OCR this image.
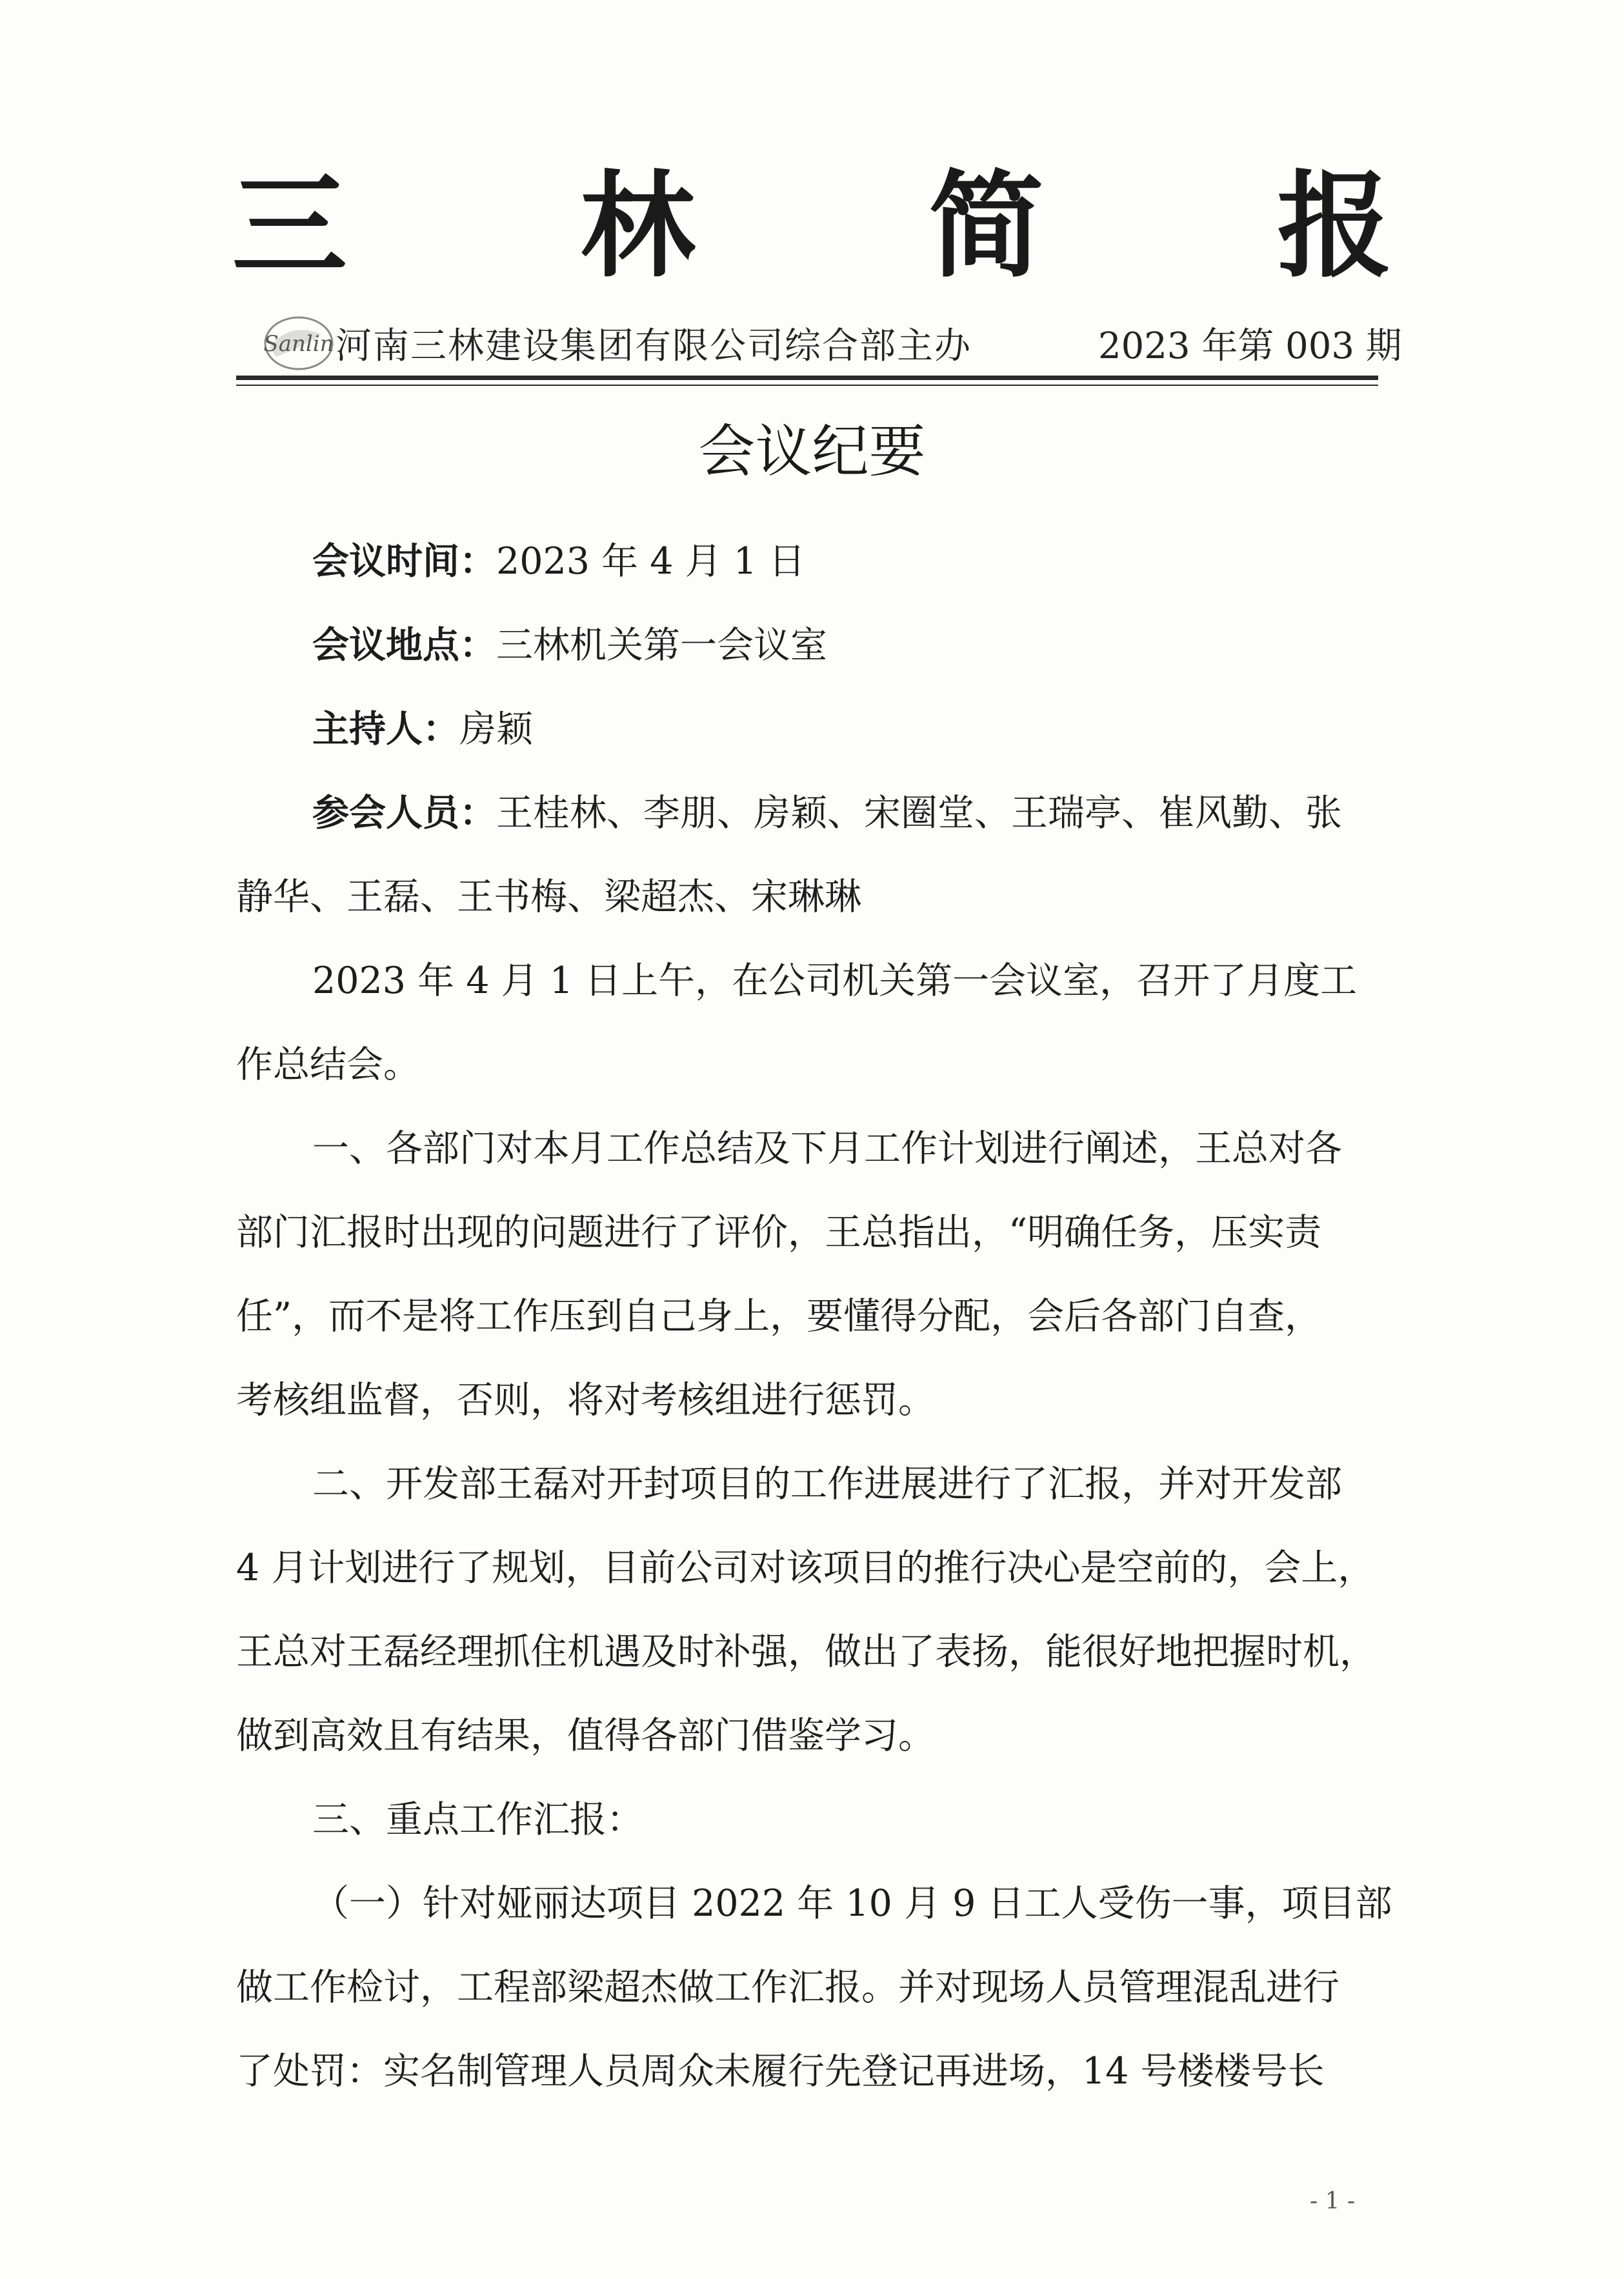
三 林 简 报
Sanlin 河南三林建设集团有限公司综合部主办	2023 年第 003 期
会议纪要
会议时间：2023 年 4 月 1 日
会议地点：三林机关第一会议室
主持人：房颖
参会人员：王桂林、李朋、房颖、宋圈堂、王瑞亭、崔风勤、张
静华、王磊、王书梅、梁超杰、宋琳琳
2023 年 4 月 1 日上午，在公司机关第一会议室，召开了月度工
作总结会。
一、各部门对本月工作总结及下月工作计划进行阐述，王总对各
部门汇报时出现的问题进行了评价，王总指出，“明确任务，压实责
任”，而不是将工作压到自己身上，要懂得分配，会后各部门自查，
考核组监督，否则，将对考核组进行惩罚。
二、开发部王磊对开封项目的工作进展进行了汇报，并对开发部
4 月计划进行了规划，目前公司对该项目的推行决心是空前的，会上，
王总对王磊经理抓住机遇及时补强，做出了表扬，能很好地把握时机，
做到高效且有结果，值得各部门借鉴学习。
三、重点工作汇报：
（一）针对娅丽达项目 2022 年 10 月 9 日工人受伤一事，项目部
做工作检讨，工程部梁超杰做工作汇报。并对现场人员管理混乱进行
了处罚：实名制管理人员周众未履行先登记再进场，14 号楼楼号长
- 1 -
